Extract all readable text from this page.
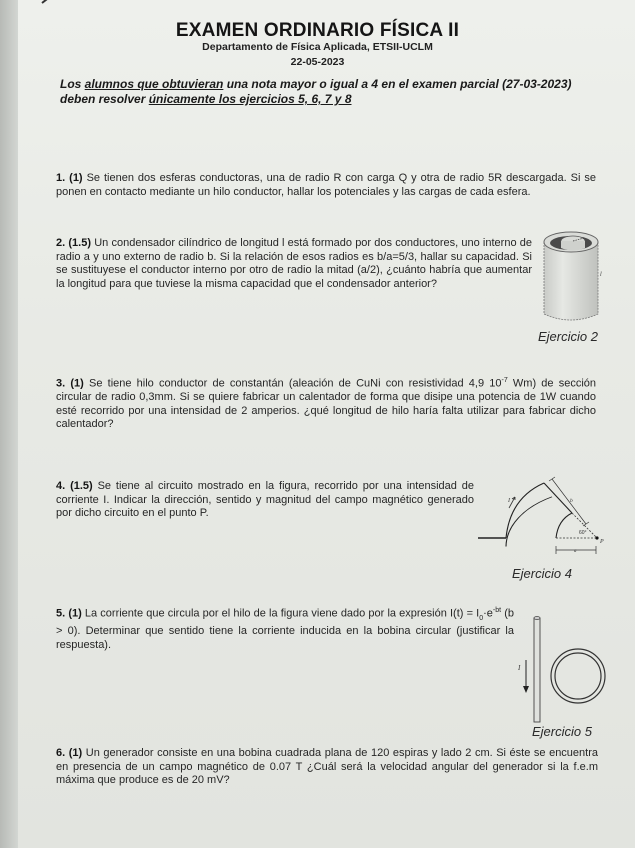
EXAMEN ORDINARIO FÍSICA II
Departamento de Física Aplicada, ETSII-UCLM
22-05-2023
Los alumnos que obtuvieran una nota mayor o igual a 4 en el examen parcial (27-03-2023) deben resolver únicamente los ejercicios 5, 6, 7 y 8
1. (1) Se tienen dos esferas conductoras, una de radio R con carga Q y otra de radio 5R descargada. Si se ponen en contacto mediante un hilo conductor, hallar los potenciales y las cargas de cada esfera.
2. (1.5) Un condensador cilíndrico de longitud l está formado por dos conductores, uno interno de radio a y uno externo de radio b. Si la relación de esos radios es b/a=5/3, hallar su capacidad. Si se sustituyese el conductor interno por otro de radio la mitad (a/2), ¿cuánto habría que aumentar la longitud para que tuviese la misma capacidad que el condensador anterior?
l
Ejercicio 2
3. (1) Se tiene hilo conductor de constantán (aleación de CuNi con resistividad 4,9 $10^{-7}$ Wm) de sección circular de radio 0,3mm. Si se quiere fabricar un calentador de forma que disipe una potencia de 1W cuando esté recorrido por una intensidad de 2 amperios. ¿qué longitud de hilo haría falta utilizar para fabricar dicho calentador?
4. (1.5) Se tiene al circuito mostrado en la figura, recorrido por una intensidad de corriente I. Indicar la dirección, sentido y magnitud del campo magnético generado por dicho circuito en el punto P.
b
a
60°
P
I
Ejercicio 4
5. (1) La corriente que circula por el hilo de la figura viene dado por la expresión $I(t) = I_0\cdot e^{-bt}$ (b > 0). Determinar que sentido tiene la corriente inducida en la bobina circular (justificar la respuesta).
I
Ejercicio 5
6. (1) Un generador consiste en una bobina cuadrada plana de 120 espiras y lado 2 cm. Si éste se encuentra en presencia de un campo magnético de 0.07 T ¿Cuál será la velocidad angular del generador si la f.e.m máxima que produce es de 20 mV?
